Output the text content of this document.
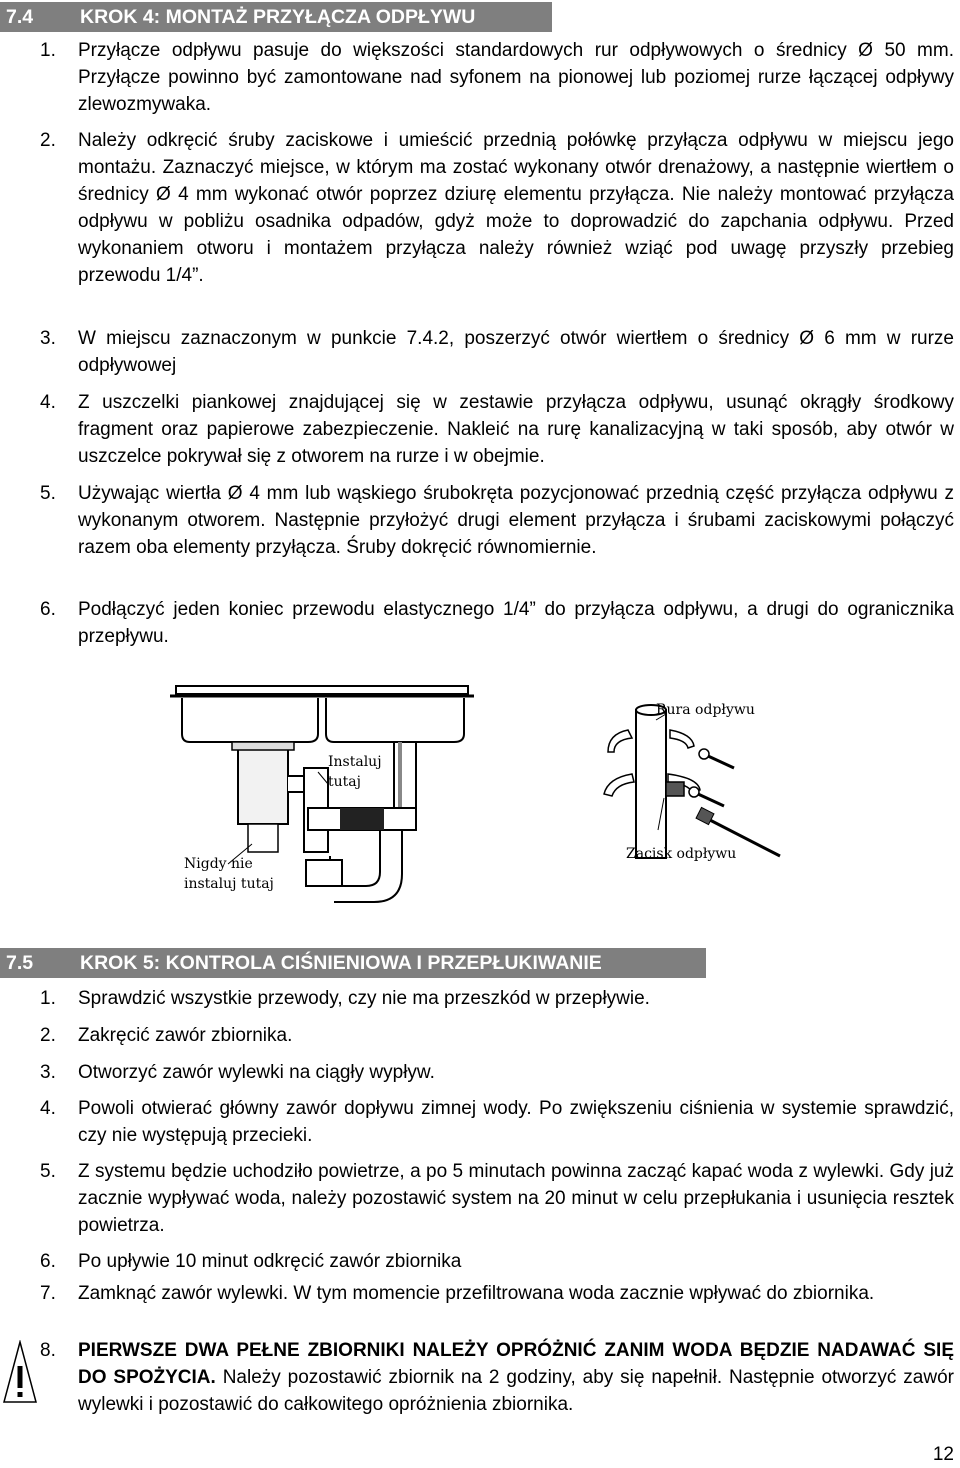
7.4 KROK 4: MONTAŻ PRZYŁĄCZA ODPŁYWU
1. Przyłącze odpływu pasuje do większości standardowych rur odpływowych o średnicy Ø 50 mm. Przyłącze powinno być zamontowane nad syfonem na pionowej lub poziomej rurze łączącej odpływy zlewozmywaka.
2. Należy odkręcić śruby zaciskowe i umieścić przednią połówkę przyłącza odpływu w miejscu jego montażu. Zaznaczyć miejsce, w którym ma zostać wykonany otwór drenażowy, a następnie wiertłem o średnicy Ø 4 mm wykonać otwór poprzez dziurę elementu przyłącza. Nie należy montować przyłącza odpływu w pobliżu osadnika odpadów, gdyż może to doprowadzić do zapchania odpływu. Przed wykonaniem otworu i montażem przyłącza należy również wziąć pod uwagę przyszły przebieg przewodu 1/4”.
3. W miejscu zaznaczonym w punkcie 7.4.2, poszerzyć otwór wiertłem o średnicy Ø 6 mm w rurze odpływowej
4. Z uszczelki piankowej znajdującej się w zestawie przyłącza odpływu, usunąć okrągły środkowy fragment oraz papierowe zabezpieczenie. Nakleić na rurę kanalizacyjną w taki sposób, aby otwór w uszczelce pokrywał się z otworem na rurze i w obejmie.
5. Używając wiertła Ø 4 mm lub wąskiego śrubokręta pozycjonować przednią część przyłącza odpływu z wykonanym otworem. Następnie przyłożyć drugi element przyłącza i śrubami zaciskowymi połączyć razem oba elementy przyłącza. Śruby dokręcić równomiernie.
6. Podłączyć jeden koniec przewodu elastycznego 1/4” do przyłącza odpływu, a drugi do ogranicznika przepływu.
Instaluj
tutaj
Nigdy nie
instaluj tutaj
Rura odpływu
Zacisk odpływu
7.5 KROK 5: KONTROLA CIŚNIENIOWA I PRZEPŁUKIWANIE
1. Sprawdzić wszystkie przewody, czy nie ma przeszkód w przepływie.
2. Zakręcić zawór zbiornika.
3. Otworzyć zawór wylewki na ciągły wypływ.
4. Powoli otwierać główny zawór dopływu zimnej wody. Po zwiększeniu ciśnienia w systemie sprawdzić, czy nie występują przecieki.
5. Z systemu będzie uchodziło powietrze, a po 5 minutach powinna zacząć kapać woda z wylewki. Gdy już zacznie wypływać woda, należy pozostawić system na 20 minut w celu przepłukania i usunięcia resztek powietrza.
6. Po upływie 10 minut odkręcić zawór zbiornika
7. Zamknąć zawór wylewki. W tym momencie przefiltrowana woda zacznie wpływać do zbiornika.
8. PIERWSZE DWA PEŁNE ZBIORNIKI NALEŻY OPRÓŻNIĆ ZANIM WODA BĘDZIE NADAWAĆ SIĘ DO SPOŻYCIA. Należy pozostawić zbiornik na 2 godziny, aby się napełnił. Następnie otworzyć zawór wylewki i pozostawić do całkowitego opróżnienia zbiornika.
12
